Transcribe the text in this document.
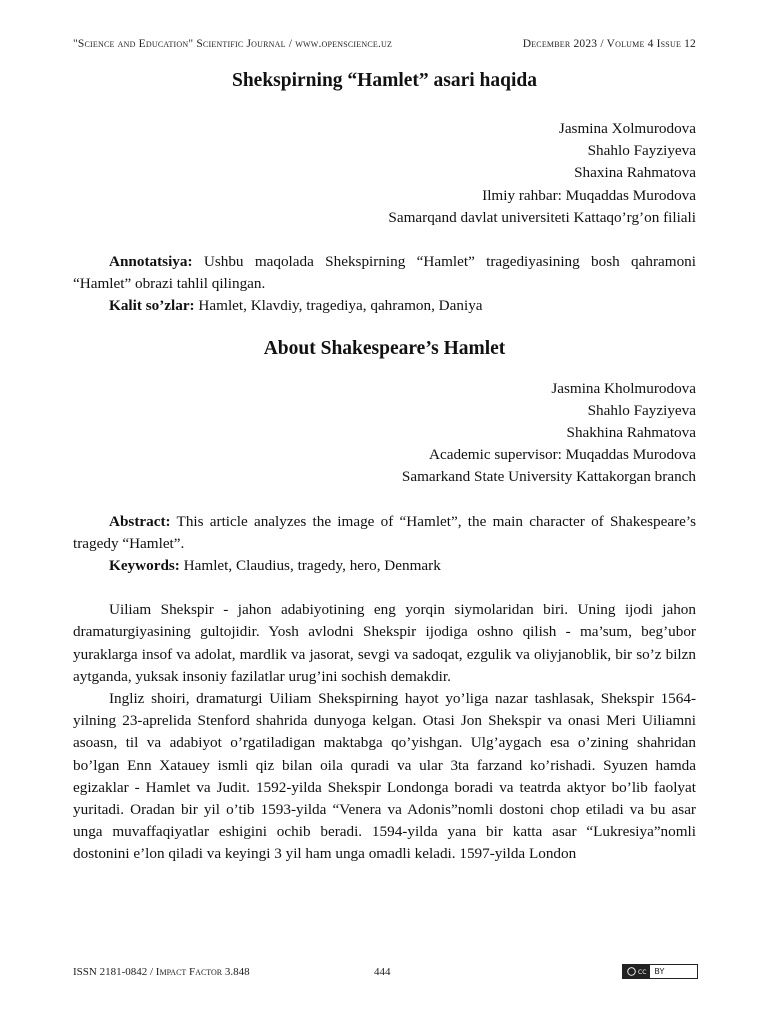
"Science and Education" Scientific Journal / www.openscience.uz	December 2023 / Volume 4 Issue 12
Shekspirning “Hamlet” asari haqida
Jasmina Xolmurodova
Shahlo Fayziyeva
Shaxina Rahmatova
Ilmiy rahbar: Muqaddas Murodova
Samarqand davlat universiteti Kattaqo’rg’on filiali

Annotatsiya: Ushbu maqolada Shekspirning “Hamlet” tragediyasining bosh qahramoni “Hamlet” obrazi tahlil qilingan.

Kalit so’zlar: Hamlet, Klavdiy, tragediya, qahramon, Daniya

About Shakespeare’s Hamlet
Jasmina Kholmurodova
Shahlo Fayziyeva
Shakhina Rahmatova
Academic supervisor: Muqaddas Murodova
Samarkand State University Kattakorgan branch

Abstract: This article analyzes the image of “Hamlet”, the main character of Shakespeare’s tragedy “Hamlet”.

Keywords: Hamlet, Claudius, tragedy, hero, Denmark

Uiliam Shekspir - jahon adabiyotining eng yorqin siymolaridan biri. Uning ijodi jahon dramaturgiyasining gultojidir. Yosh avlodni Shekspir ijodiga oshno qilish - ma’sum, beg’ubor yuraklarga insof va adolat, mardlik va jasorat, sevgi va sadoqat, ezgulik va oliyjanoblik, bir so’z bilzn aytganda, yuksak insoniy fazilatlar urug’ini sochish demakdir.

Ingliz shoiri, dramaturgi Uiliam Shekspirning hayot yo’liga nazar tashlasak, Shekspir 1564-yilning 23-aprelida Stenford shahrida dunyoga kelgan. Otasi Jon Shekspir va onasi Meri Uiliamni asoasn, til va adabiyot o’rgatiladigan maktabga qo’yishgan. Ulg’aygach esa o’zining shahridan bo’lgan Enn Xatauey ismli qiz bilan oila quradi va ular 3ta farzand ko’rishadi. Syuzen hamda egizaklar - Hamlet va Judit. 1592-yilda Shekspir Londonga boradi va teatrda aktyor bo’lib faolyat yuritadi. Oradan bir yil o’tib 1593-yilda “Venera va Adonis”nomli dostoni chop etiladi va bu asar unga muvaffaqiyatlar eshigini ochib beradi. 1594-yilda yana bir katta asar “Lukresiya”nomli dostonini e’lon qiladi va keyingi 3 yil ham unga omadli keladi. 1597-yilda London

ISSN 2181-0842 / Impact Factor 3.848	444	cc	BY
